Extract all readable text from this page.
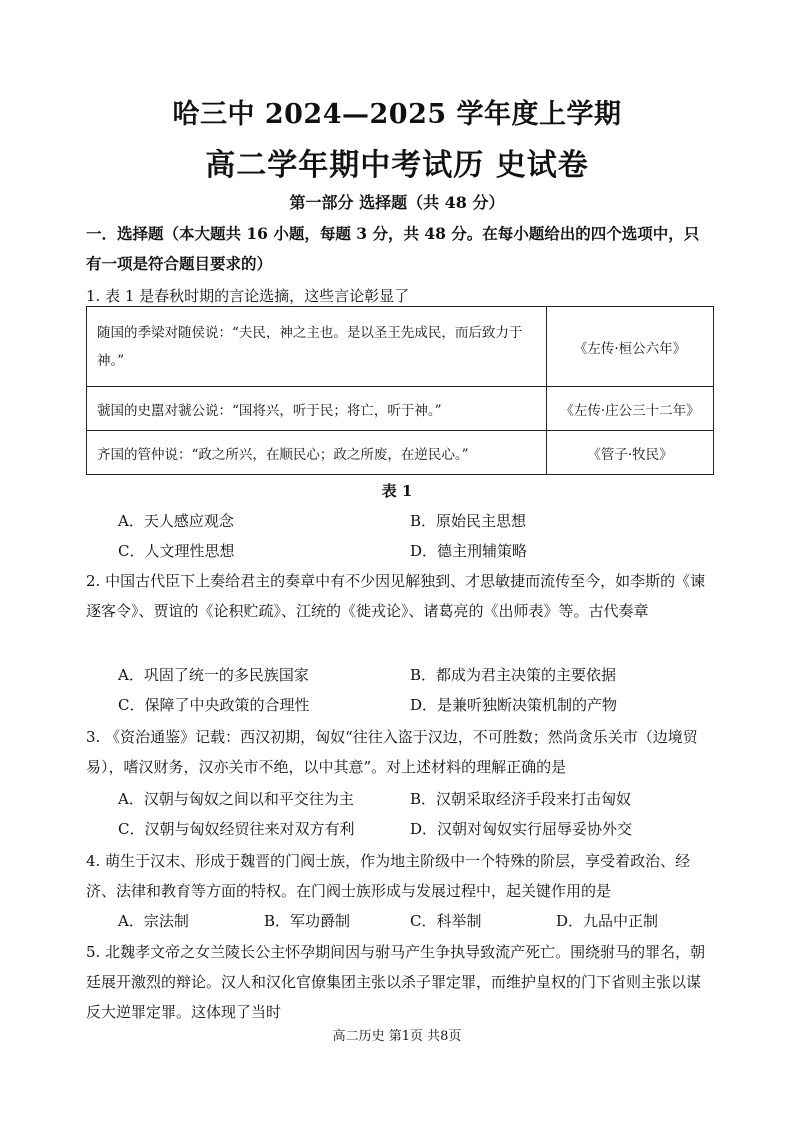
哈三中 2024—2025 学年度上学期
高二学年期中考试历 史试卷
第一部分 选择题（共 48 分）
一．选择题（本大题共 16 小题，每题 3 分，共 48 分。在每小题给出的四个选项中，只有一项是符合题目要求的）
1. 表 1 是春秋时期的言论选摘，这些言论彰显了
随国的季梁对随侯说：“夫民，神之主也。是以圣王先成民，而后致力于神。”	《左传·桓公六年》
虢国的史嚚对虢公说：“国将兴，听于民；将亡，听于神。”	《左传·庄公三十二年》
齐国的管仲说：“政之所兴，在顺民心；政之所废，在逆民心。”	《管子·牧民》
表 1
A．天人感应观念	B．原始民主思想
C．人文理性思想	D．德主刑辅策略
2. 中国古代臣下上奏给君主的奏章中有不少因见解独到、才思敏捷而流传至今，如李斯的《谏逐客令》、贾谊的《论积贮疏》、江统的《徙戎论》、诸葛亮的《出师表》等。古代奏章
A．巩固了统一的多民族国家	B．都成为君主决策的主要依据
C．保障了中央政策的合理性	D．是兼听独断决策机制的产物
3. 《资治通鉴》记载：西汉初期，匈奴“往往入盗于汉边，不可胜数；然尚贪乐关市（边境贸易），嗜汉财务，汉亦关市不绝，以中其意”。对上述材料的理解正确的是
A．汉朝与匈奴之间以和平交往为主	B．汉朝采取经济手段来打击匈奴
C．汉朝与匈奴经贸往来对双方有利	D．汉朝对匈奴实行屈辱妥协外交
4. 萌生于汉末、形成于魏晋的门阀士族，作为地主阶级中一个特殊的阶层，享受着政治、经济、法律和教育等方面的特权。在门阀士族形成与发展过程中，起关键作用的是
A．宗法制	B．军功爵制	C．科举制	D．九品中正制
5. 北魏孝文帝之女兰陵长公主怀孕期间因与驸马产生争执导致流产死亡。围绕驸马的罪名，朝廷展开激烈的辩论。汉人和汉化官僚集团主张以杀子罪定罪，而维护皇权的门下省则主张以谋反大逆罪定罪。这体现了当时
高二历史 第1页 共8页
